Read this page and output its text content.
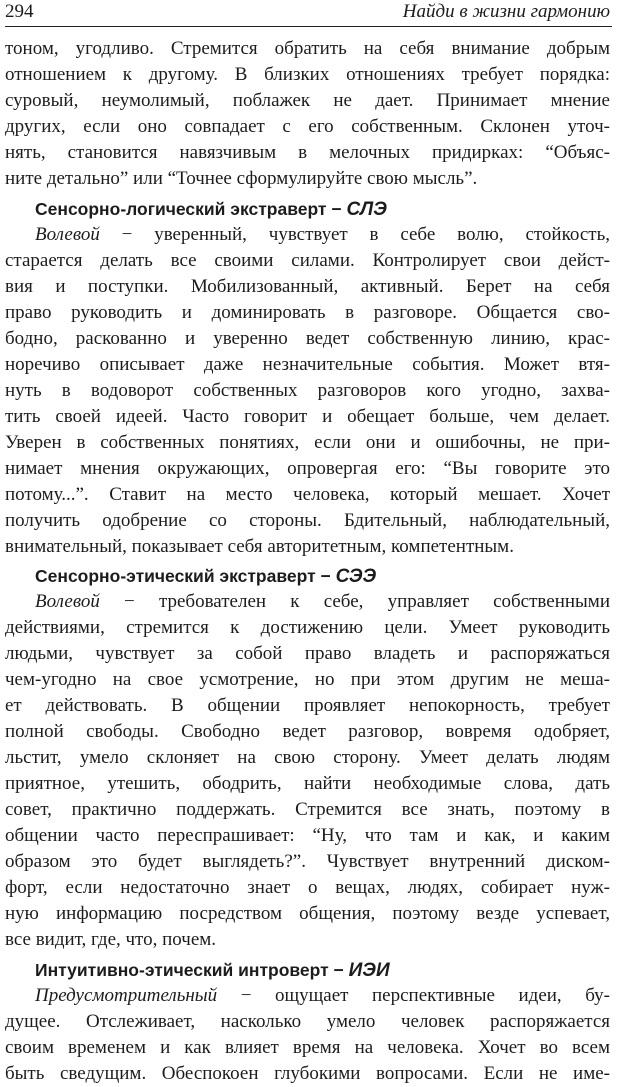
294	Найди в жизни гармонию
тоном, угодливо. Стремится обратить на себя внимание добрым
отношением к другому. В близких отношениях требует порядка:
суровый, неумолимый, поблажек не дает. Принимает мнение
других, если оно совпадает с его собственным. Склонен уточ-
нять, становится навязчивым в мелочных придирках: “Объяс-
ните детально” или “Точнее сформулируйте свою мысль”.
Сенсорно-логический экстраверт − СЛЭ
Волевой − уверенный, чувствует в себе волю, стойкость,
старается делать все своими силами. Контролирует свои дейст-
вия и поступки. Мобилизованный, активный. Берет на себя
право руководить и доминировать в разговоре. Общается сво-
бодно, раскованно и уверенно ведет собственную линию, крас-
норечиво описывает даже незначительные события. Может втя-
нуть в водоворот собственных разговоров кого угодно, захва-
тить своей идеей. Часто говорит и обещает больше, чем делает.
Уверен в собственных понятиях, если они и ошибочны, не при-
нимает мнения окружающих, опровергая его: “Вы говорите это
потому...”. Ставит на место человека, который мешает. Хочет
получить одобрение со стороны. Бдительный, наблюдательный,
внимательный, показывает себя авторитетным, компетентным.
Сенсорно-этический экстраверт − СЭЭ
Волевой − требователен к себе, управляет собственными
действиями, стремится к достижению цели. Умеет руководить
людьми, чувствует за собой право владеть и распоряжаться
чем-угодно на свое усмотрение, но при этом другим не меша-
ет действовать. В общении проявляет непокорность, требует
полной свободы. Свободно ведет разговор, вовремя одобряет,
льстит, умело склоняет на свою сторону. Умеет делать людям
приятное, утешить, ободрить, найти необходимые слова, дать
совет, практично поддержать. Стремится все знать, поэтому в
общении часто переспрашивает: “Ну, что там и как, и каким
образом это будет выглядеть?”. Чувствует внутренний диском-
форт, если недостаточно знает о вещах, людях, собирает нуж-
ную информацию посредством общения, поэтому везде успевает,
все видит, где, что, почем.
Интуитивно-этический интроверт − ИЭИ
Предусмотрительный − ощущает перспективные идеи, бу-
дущее. Отслеживает, насколько умело человек распоряжается
своим временем и как влияет время на человека. Хочет во всем
быть сведущим. Обеспокоен глубокими вопросами. Если не име-
